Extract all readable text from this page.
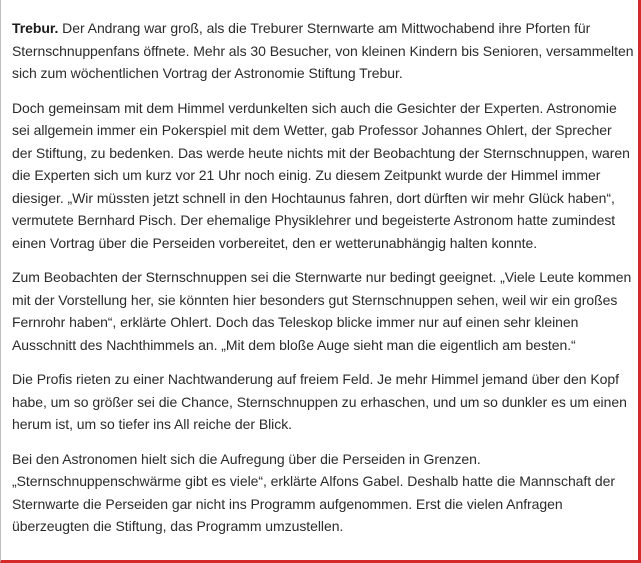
Trebur. Der Andrang war groß, als die Treburer Sternwarte am Mittwochabend ihre Pforten für Sternschnuppenfans öffnete. Mehr als 30 Besucher, von kleinen Kindern bis Senioren, versammelten sich zum wöchentlichen Vortrag der Astronomie Stiftung Trebur.

Doch gemeinsam mit dem Himmel verdunkelten sich auch die Gesichter der Experten. Astronomie sei allgemein immer ein Pokerspiel mit dem Wetter, gab Professor Johannes Ohlert, der Sprecher der Stiftung, zu bedenken. Das werde heute nichts mit der Beobachtung der Sternschnuppen, waren die Experten sich um kurz vor 21 Uhr noch einig. Zu diesem Zeitpunkt wurde der Himmel immer diesiger. „Wir müssten jetzt schnell in den Hochtaunus fahren, dort dürften wir mehr Glück haben“, vermutete Bernhard Pisch. Der ehemalige Physiklehrer und begeisterte Astronom hatte zumindest einen Vortrag über die Perseiden vorbereitet, den er wetterunabhängig halten konnte.

Zum Beobachten der Sternschnuppen sei die Sternwarte nur bedingt geeignet. „Viele Leute kommen mit der Vorstellung her, sie könnten hier besonders gut Sternschnuppen sehen, weil wir ein großes Fernrohr haben“, erklärte Ohlert. Doch das Teleskop blicke immer nur auf einen sehr kleinen Ausschnitt des Nachthimmels an. „Mit dem bloße Auge sieht man die eigentlich am besten.“

Die Profis rieten zu einer Nachtwanderung auf freiem Feld. Je mehr Himmel jemand über den Kopf habe, um so größer sei die Chance, Sternschnuppen zu erhaschen, und um so dunkler es um einen herum ist, um so tiefer ins All reiche der Blick.

Bei den Astronomen hielt sich die Aufregung über die Perseiden in Grenzen. „Sternschnuppenschwärme gibt es viele“, erklärte Alfons Gabel. Deshalb hatte die Mannschaft der Sternwarte die Perseiden gar nicht ins Programm aufgenommen. Erst die vielen Anfragen überzeugten die Stiftung, das Programm umzustellen.
